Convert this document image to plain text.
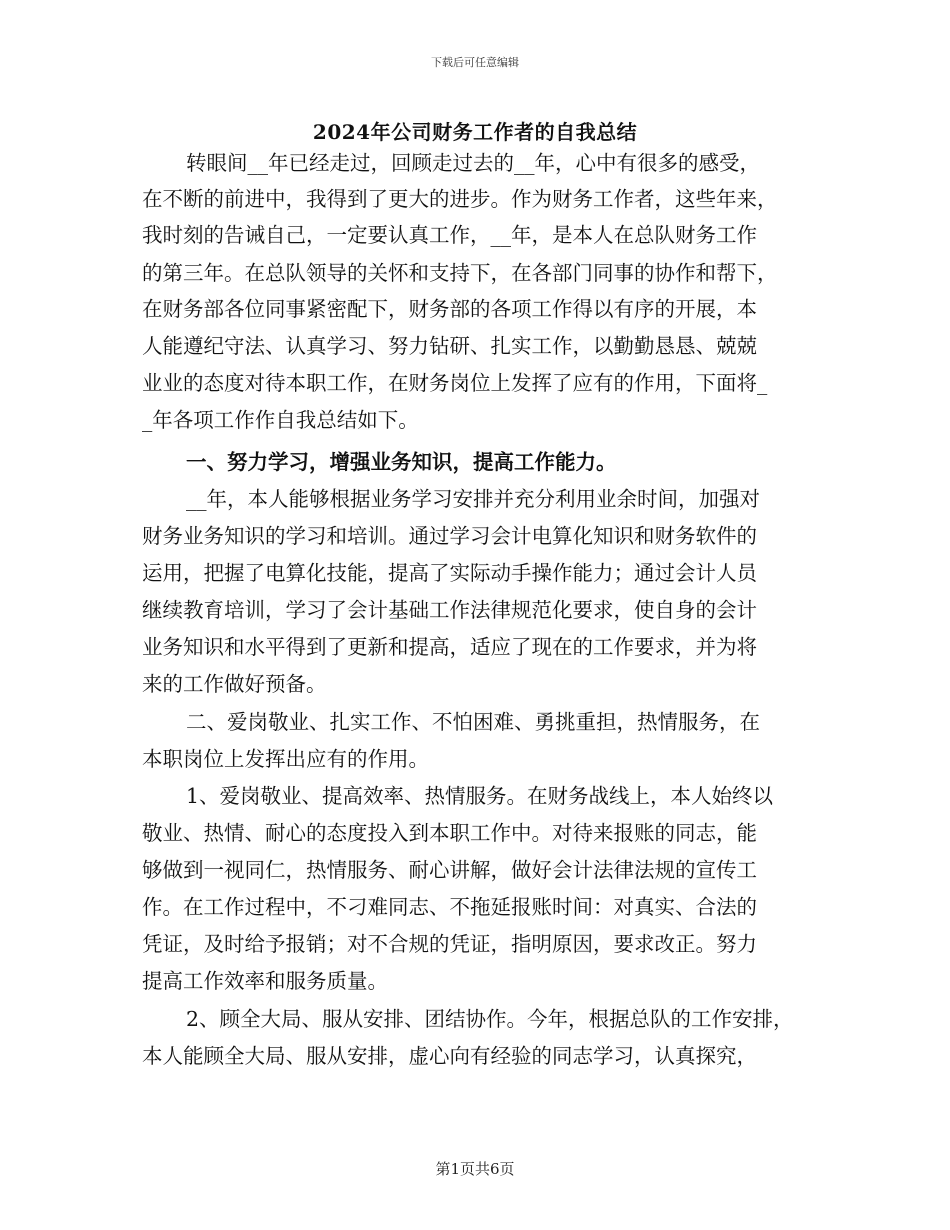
下载后可任意编辑
2024年公司财务工作者的自我总结
转眼间__年已经走过，回顾走过去的__年，心中有很多的感受，
在不断的前进中，我得到了更大的进步。作为财务工作者，这些年来，
我时刻的告诫自己，一定要认真工作，__年，是本人在总队财务工作
的第三年。在总队领导的关怀和支持下，在各部门同事的协作和帮下，
在财务部各位同事紧密配下，财务部的各项工作得以有序的开展，本
人能遵纪守法、认真学习、努力钻研、扎实工作，以勤勤恳恳、兢兢
业业的态度对待本职工作，在财务岗位上发挥了应有的作用，下面将_
_年各项工作作自我总结如下。
一、努力学习，增强业务知识，提高工作能力。
__年，本人能够根据业务学习安排并充分利用业余时间，加强对
财务业务知识的学习和培训。通过学习会计电算化知识和财务软件的
运用，把握了电算化技能，提高了实际动手操作能力；通过会计人员
继续教育培训，学习了会计基础工作法律规范化要求，使自身的会计
业务知识和水平得到了更新和提高，适应了现在的工作要求，并为将
来的工作做好预备。
二、爱岗敬业、扎实工作、不怕困难、勇挑重担，热情服务，在
本职岗位上发挥出应有的作用。
1、爱岗敬业、提高效率、热情服务。在财务战线上，本人始终以
敬业、热情、耐心的态度投入到本职工作中。对待来报账的同志，能
够做到一视同仁，热情服务、耐心讲解，做好会计法律法规的宣传工
作。在工作过程中，不刁难同志、不拖延报账时间：对真实、合法的
凭证，及时给予报销；对不合规的凭证，指明原因，要求改正。努力
提高工作效率和服务质量。
2、顾全大局、服从安排、团结协作。今年，根据总队的工作安排，
本人能顾全大局、服从安排，虚心向有经验的同志学习，认真探究，
第1页共6页
